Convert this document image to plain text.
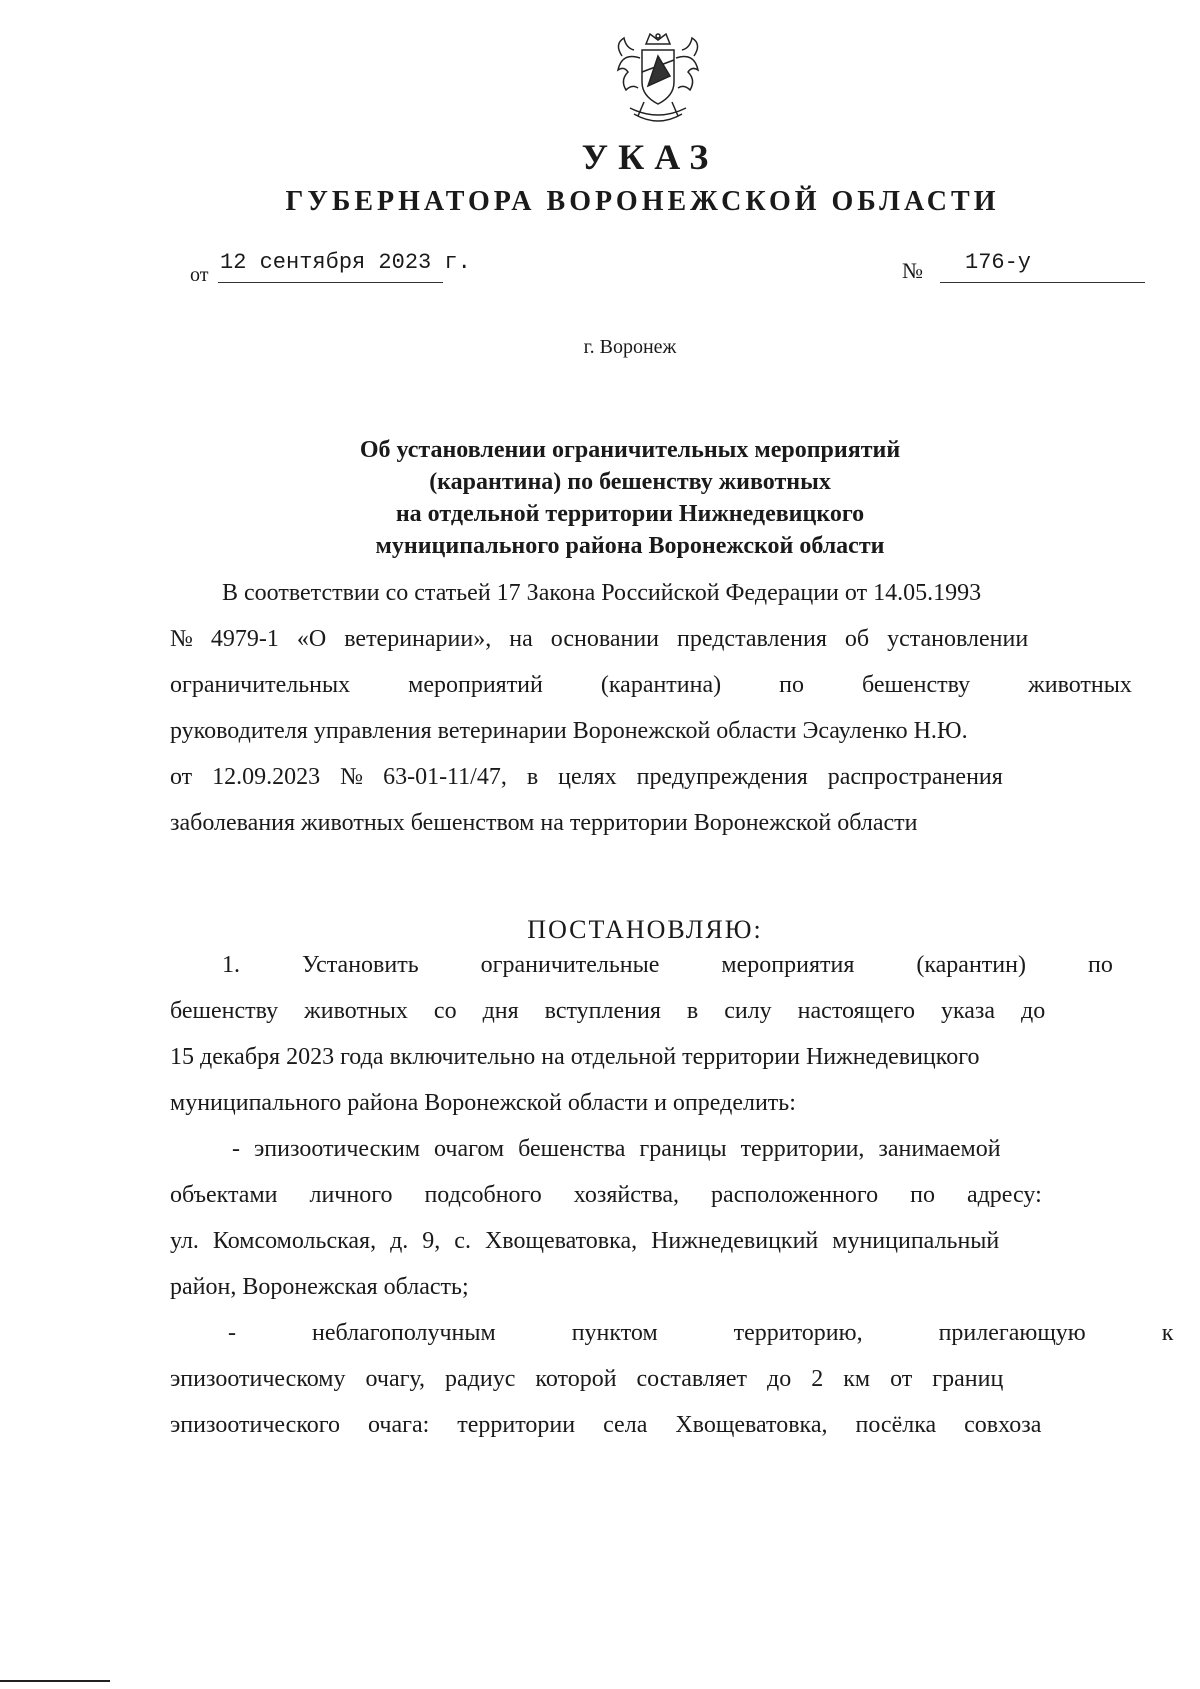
УКАЗ
ГУБЕРНАТОРА ВОРОНЕЖСКОЙ ОБЛАСТИ
от 12 сентября 2023 г.	№ 176-у
г. Воронеж
Об установлении ограничительных мероприятий
(карантина) по бешенству животных
на отдельной территории Нижнедевицкого
муниципального района Воронежской области
В соответствии со статьей 17 Закона Российской Федерации от 14.05.1993
№ 4979-1 «О ветеринарии», на основании представления об установлении
ограничительных мероприятий (карантина) по бешенству животных
руководителя управления ветеринарии Воронежской области Эсауленко Н.Ю.
от 12.09.2023 № 63-01-11/47, в целях предупреждения распространения
заболевания животных бешенством на территории Воронежской области
ПОСТАНОВЛЯЮ:
1. Установить ограничительные мероприятия (карантин) по
бешенству животных со дня вступления в силу настоящего указа до
15 декабря 2023 года включительно на отдельной территории Нижнедевицкого
муниципального района Воронежской области и определить:
- эпизоотическим очагом бешенства границы территории, занимаемой
объектами личного подсобного хозяйства, расположенного по адресу:
ул. Комсомольская, д. 9, с. Хвощеватовка, Нижнедевицкий муниципальный
район, Воронежская область;
- неблагополучным пунктом территорию, прилегающую к
эпизоотическому очагу, радиус которой составляет до 2 км от границ
эпизоотического очага: территории села Хвощеватовка, посёлка совхоза
